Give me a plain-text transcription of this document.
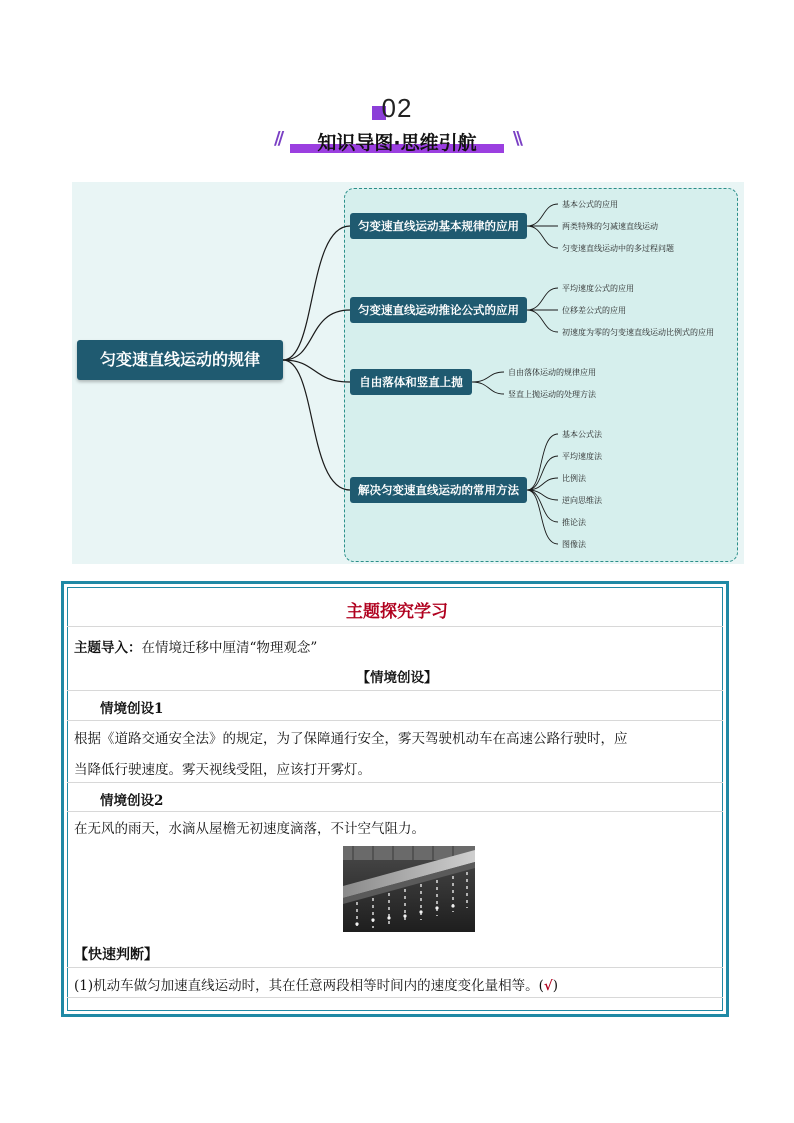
02
//	知识导图·思维引航	\\
匀变速直线运动的规律
匀变速直线运动基本规律的应用
匀变速直线运动推论公式的应用
自由落体和竖直上抛
解决匀变速直线运动的常用方法
基本公式的应用
两类特殊的匀减速直线运动
匀变速直线运动中的多过程问题
平均速度公式的应用
位移差公式的应用
初速度为零的匀变速直线运动比例式的应用
自由落体运动的规律应用
竖直上抛运动的处理方法
基本公式法
平均速度法
比例法
逆向思维法
推论法
图像法
主题探究学习
主题导入：在情境迁移中厘清“物理观念”
【情境创设】
情境创设1
根据《道路交通安全法》的规定，为了保障通行安全，雾天驾驶机动车在高速公路行驶时，应
当降低行驶速度。雾天视线受阻，应该打开雾灯。
情境创设2
在无风的雨天，水滴从屋檐无初速度滴落，不计空气阻力。
【快速判断】
(1)机动车做匀加速直线运动时，其在任意两段相等时间内的速度变化量相等。(√)
